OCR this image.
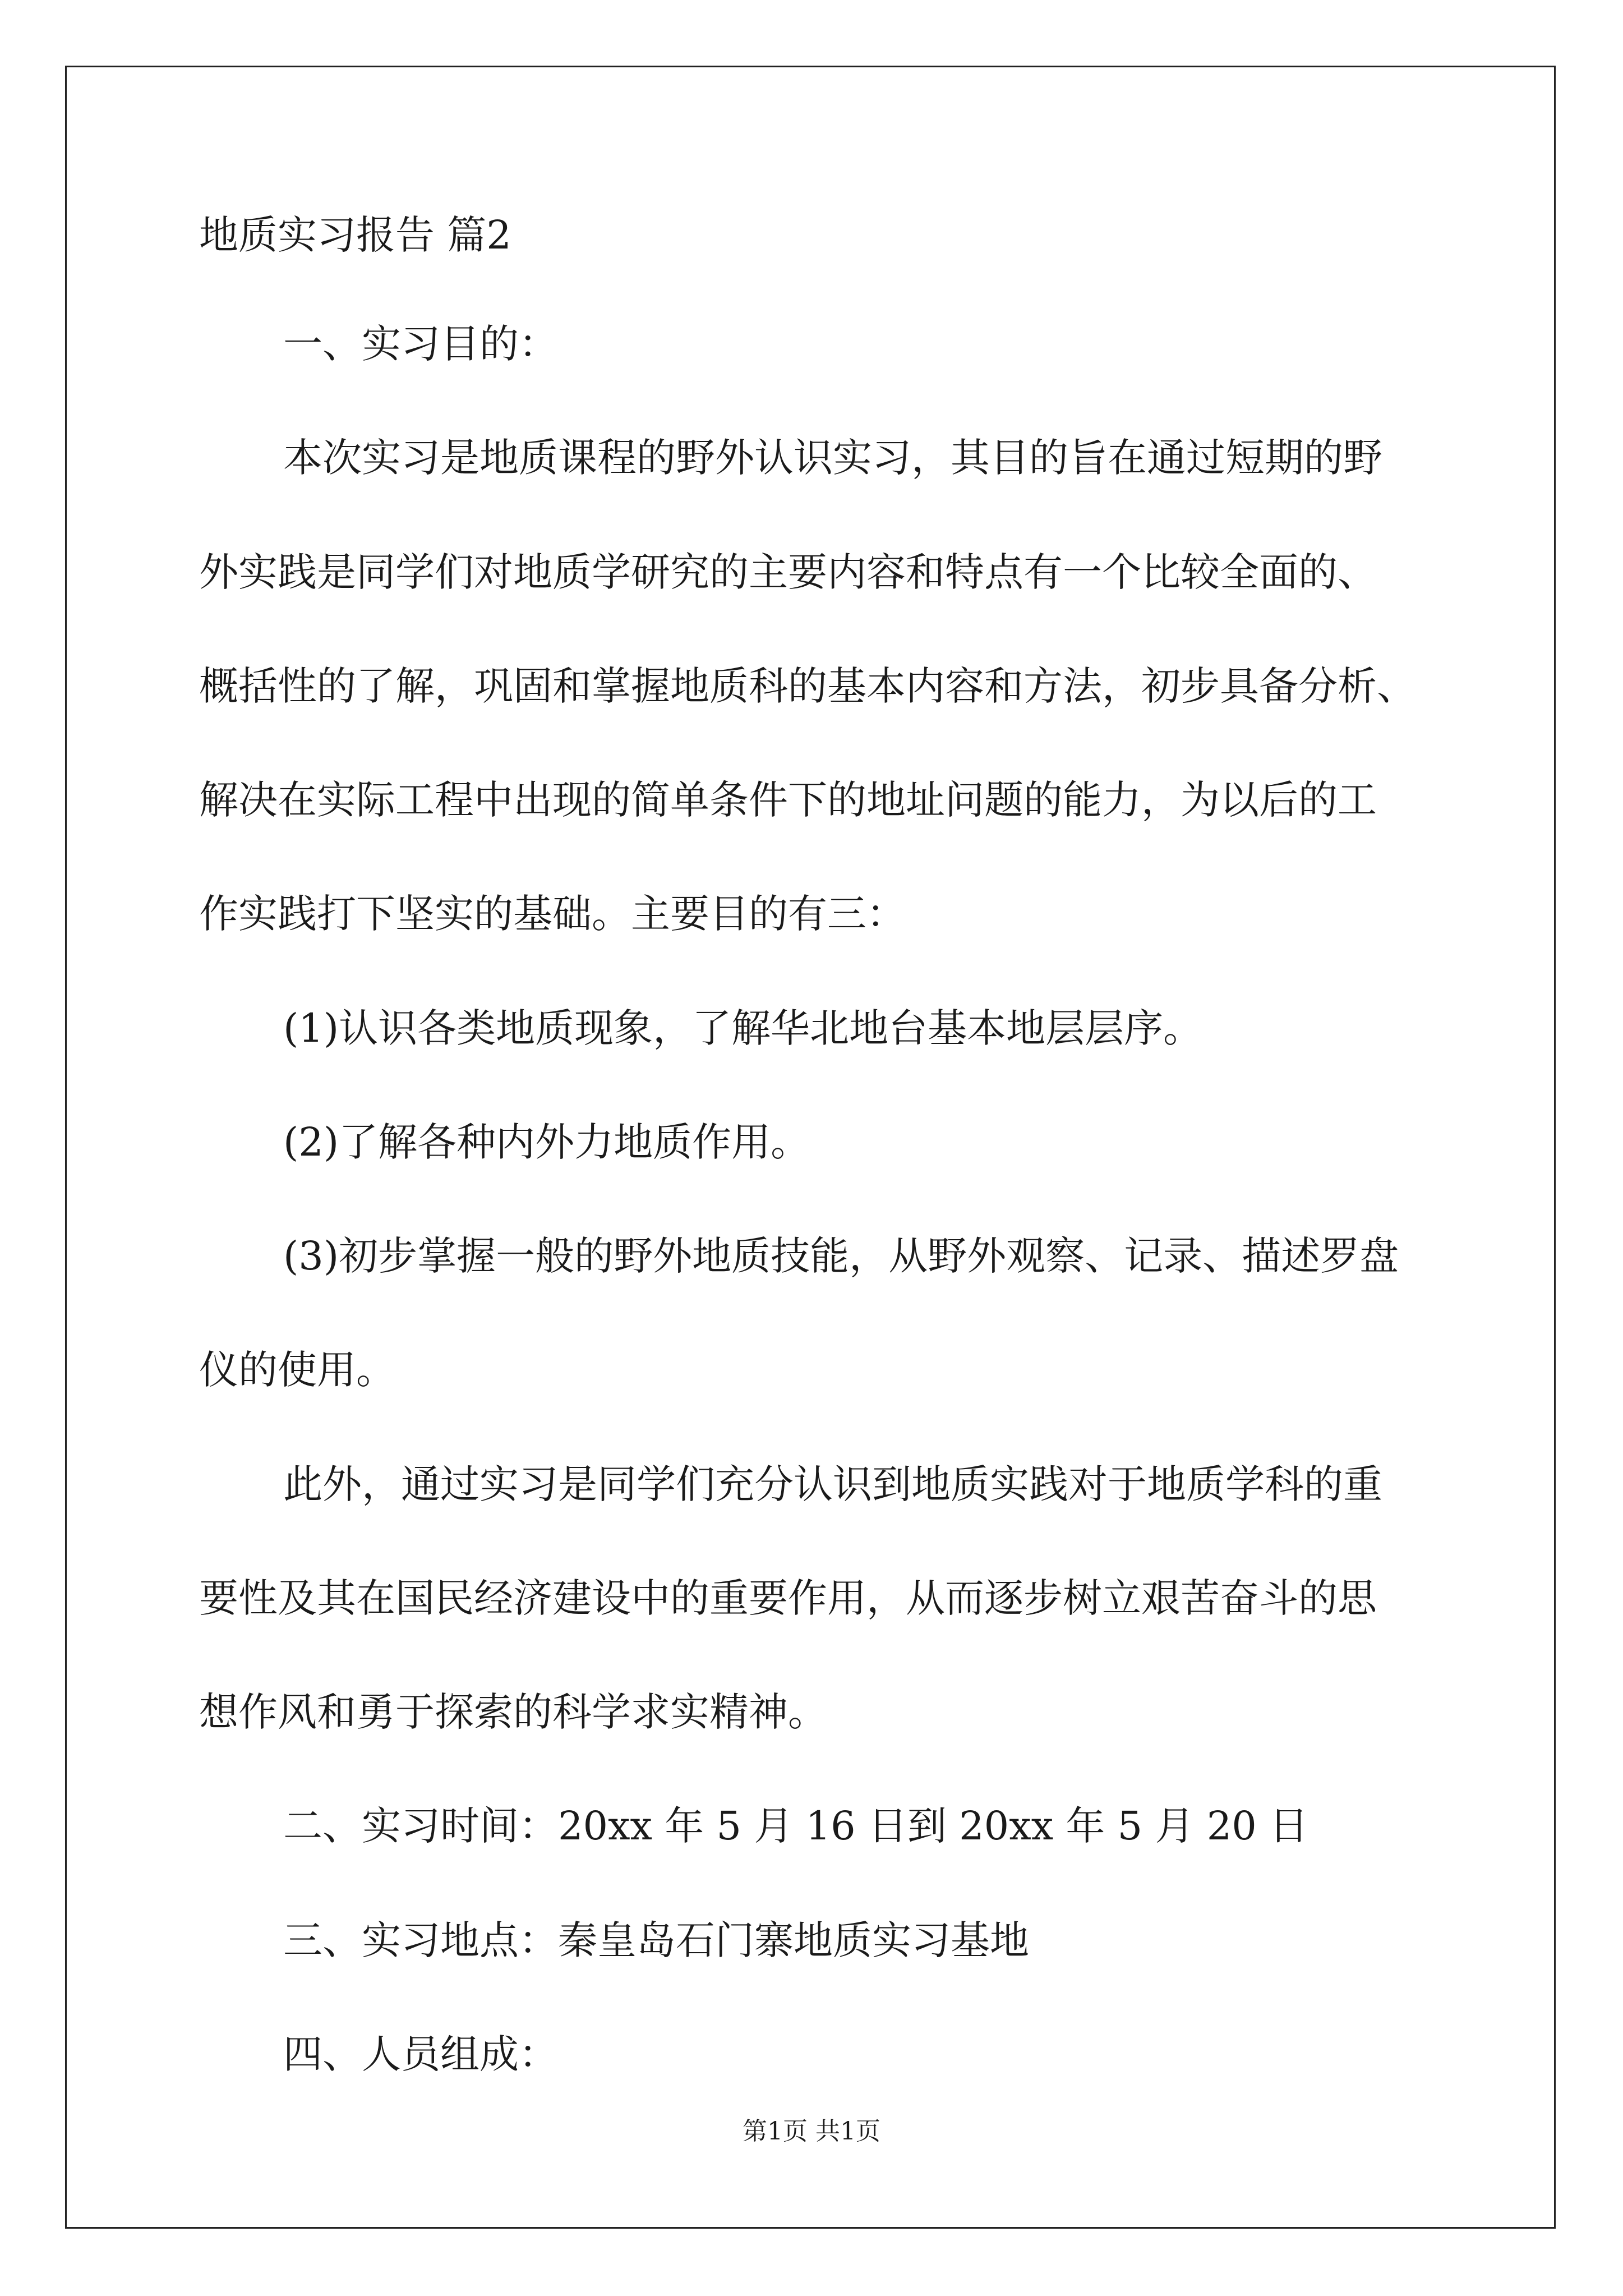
地质实习报告 篇2
一、实习目的：
本次实习是地质课程的野外认识实习，其目的旨在通过短期的野
外实践是同学们对地质学研究的主要内容和特点有一个比较全面的、
概括性的了解，巩固和掌握地质科的基本内容和方法，初步具备分析、
解决在实际工程中出现的简单条件下的地址问题的能力，为以后的工
作实践打下坚实的基础。主要目的有三：
(1)认识各类地质现象，了解华北地台基本地层层序。
(2)了解各种内外力地质作用。
(3)初步掌握一般的野外地质技能，从野外观察、记录、描述罗盘
仪的使用。
此外，通过实习是同学们充分认识到地质实践对于地质学科的重
要性及其在国民经济建设中的重要作用，从而逐步树立艰苦奋斗的思
想作风和勇于探索的科学求实精神。
二、实习时间：20xx 年 5 月 16 日到 20xx 年 5 月 20 日
三、实习地点：秦皇岛石门寨地质实习基地
四、人员组成：
第1页 共1页
